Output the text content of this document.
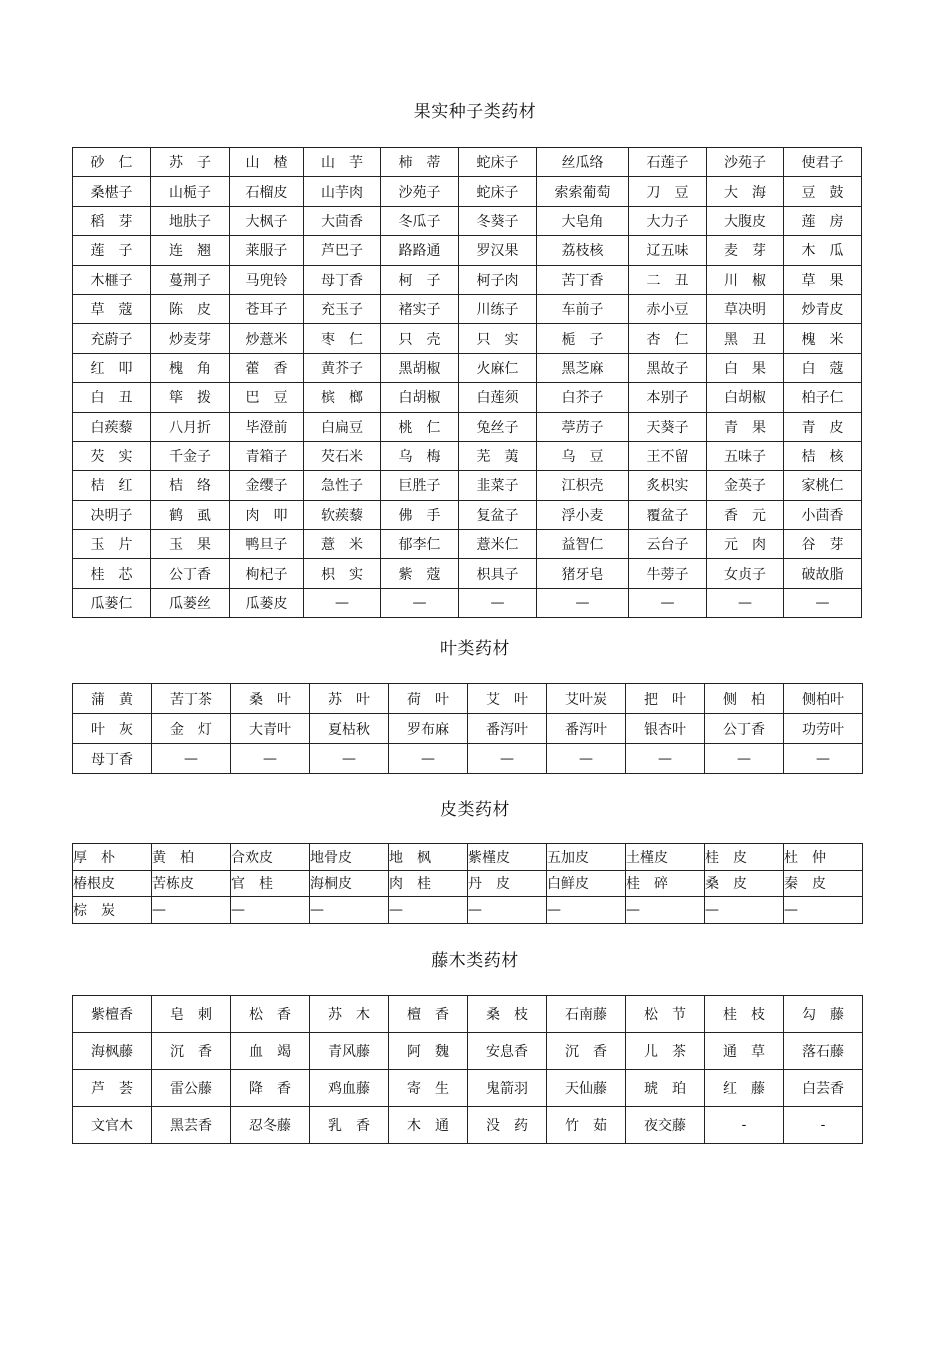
果实种子类药材
砂　仁	苏　子	山　楂	山　芋	柿　蒂	蛇床子	丝瓜络	石莲子	沙苑子	使君子
桑椹子	山栀子	石榴皮	山芋肉	沙苑子	蛇床子	索索葡萄	刀　豆	大　海	豆　鼓
稻　芽	地肤子	大枫子	大茴香	冬瓜子	冬葵子	大皂角	大力子	大腹皮	莲　房
莲　子	连　翘	莱服子	芦巴子	路路通	罗汉果	荔枝核	辽五味	麦　芽	木　瓜
木榧子	蔓荆子	马兜铃	母丁香	柯　子	柯子肉	苦丁香	二　丑	川　椒	草　果
草　蔻	陈　皮	苍耳子	充玉子	褚实子	川练子	车前子	赤小豆	草决明	炒青皮
充蔚子	炒麦芽	炒薏米	枣　仁	只　壳	只　实	栀　子	杏　仁	黑　丑	槐　米
红　叩	槐　角	藿　香	黄芥子	黑胡椒	火麻仁	黑芝麻	黑故子	白　果	白　蔻
白　丑	筚　拨	巴　豆	槟　榔	白胡椒	白莲须	白芥子	本别子	白胡椒	柏子仁
白蒺藜	八月折	毕澄前	白扁豆	桃　仁	兔丝子	葶苈子	天葵子	青　果	青　皮
芡　实	千金子	青箱子	芡石米	乌　梅	芜　荑	乌　豆	王不留	五味子	桔　核
桔　红	桔　络	金缨子	急性子	巨胜子	韭菜子	江枳壳	炙枳实	金英子	家桃仁
决明子	鹤　虱	肉　叩	软蒺藜	佛　手	复盆子	浮小麦	覆盆子	香　元	小茴香
玉　片	玉　果	鸭旦子	薏　米	郁李仁	薏米仁	益智仁	云台子	元　肉	谷　芽
桂　芯	公丁香	枸杞子	枳　实	紫　蔻	枳具子	猪牙皂	牛蒡子	女贞子	破故脂
瓜蒌仁	瓜蒌丝	瓜蒌皮	—	—	—	—	—	—	—
叶类药材
蒲　黄	苦丁茶	桑　叶	苏　叶	荷　叶	艾　叶	艾叶炭	把　叶	侧　柏	侧柏叶
叶　灰	金　灯	大青叶	夏枯秋	罗布麻	番泻叶	番泻叶	银杏叶	公丁香	功劳叶
母丁香	—	—	—	—	—	—	—	—	—
皮类药材
厚　朴	黄　柏	合欢皮	地骨皮	地　枫	紫槿皮	五加皮	土槿皮	桂　皮	杜　仲
椿根皮	苦栋皮	官　桂	海桐皮	肉　桂	丹　皮	白鲜皮	桂　碎	桑　皮	秦　皮
棕　炭	—	—	—	—	—	—	—	—	—
藤木类药材
紫檀香	皂　刺	松　香	苏　木	檀　香	桑　枝	石南藤	松　节	桂　枝	勾　藤
海枫藤	沉　香	血　竭	青风藤	阿　魏	安息香	沉　香	儿　茶	通　草	落石藤
芦　荟	雷公藤	降　香	鸡血藤	寄　生	鬼箭羽	天仙藤	琥　珀	红　藤	白芸香
文官木	黑芸香	忍冬藤	乳　香	木　通	没　药	竹　茹	夜交藤	-	-
